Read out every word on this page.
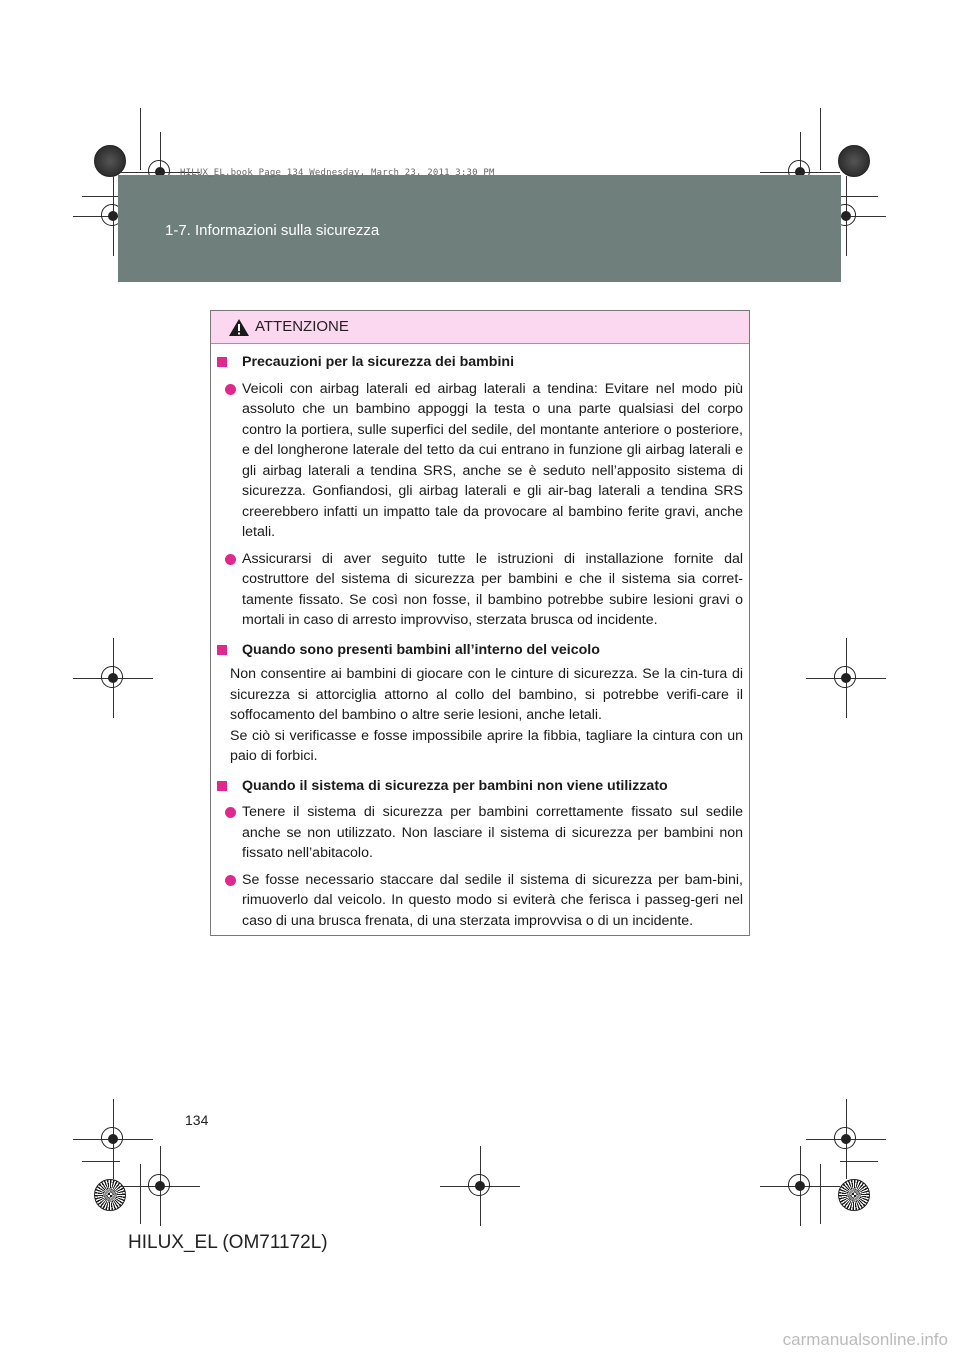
HILUX_EL.book Page 134 Wednesday, March 23, 2011 3:30 PM
1-7. Informazioni sulla sicurezza
ATTENZIONE
Precauzioni per la sicurezza dei bambini
Veicoli con airbag laterali ed airbag laterali a tendina: Evitare nel modo più assoluto che un bambino appoggi la testa o una parte qualsiasi del corpo contro la portiera, sulle superfici del sedile, del montante anteriore o posteriore, e del longherone laterale del tetto da cui entrano in funzione gli airbag laterali e gli airbag laterali a tendina SRS, anche se è seduto nell’apposito sistema di sicurezza. Gonfiandosi, gli airbag laterali e gli air-bag laterali a tendina SRS creerebbero infatti un impatto tale da provocare al bambino ferite gravi, anche letali.
Assicurarsi di aver seguito tutte le istruzioni di installazione fornite dal costruttore del sistema di sicurezza per bambini e che il sistema sia corret-tamente fissato. Se così non fosse, il bambino potrebbe subire lesioni gravi o mortali in caso di arresto improvviso, sterzata brusca od incidente.
Quando sono presenti bambini all’interno del veicolo
Non consentire ai bambini di giocare con le cinture di sicurezza. Se la cin-tura di sicurezza si attorciglia attorno al collo del bambino, si potrebbe verifi-care il soffocamento del bambino o altre serie lesioni, anche letali.
Se ciò si verificasse e fosse impossibile aprire la fibbia, tagliare la cintura con un paio di forbici.
Quando il sistema di sicurezza per bambini non viene utilizzato
Tenere il sistema di sicurezza per bambini correttamente fissato sul sedile anche se non utilizzato. Non lasciare il sistema di sicurezza per bambini non fissato nell’abitacolo.
Se fosse necessario staccare dal sedile il sistema di sicurezza per bam-bini, rimuoverlo dal veicolo. In questo modo si eviterà che ferisca i passeg-geri nel caso di una brusca frenata, di una sterzata improvvisa o di un incidente.
134
HILUX_EL (OM71172L)
carmanualsonline.info
